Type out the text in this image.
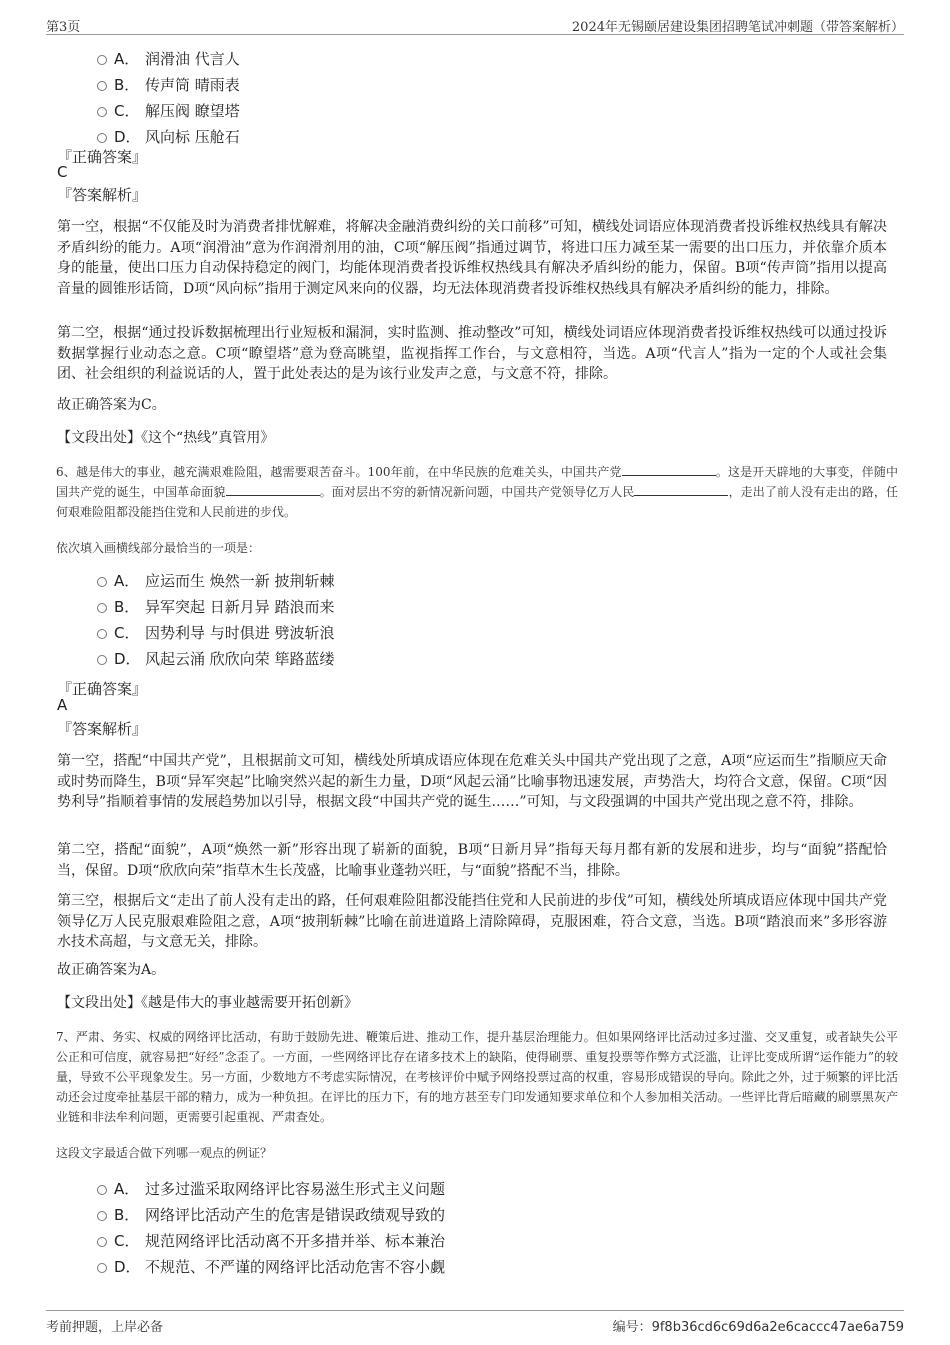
第3页	2024年无锡颐居建设集团招聘笔试冲刺题（带答案解析）
A． 润滑油 代言人
B． 传声筒 晴雨表
C． 解压阀 瞭望塔
D． 风向标 压舱石
『正确答案』
C
『答案解析』

第一空，根据“不仅能及时为消费者排忧解难，将解决金融消费纠纷的关口前移”可知，横线处词语应体现消费者投诉维权热线具有解决矛盾纠纷的能力。A项“润滑油”意为作润滑剂用的油，C项“解压阀”指通过调节，将进口压力减至某一需要的出口压力，并依靠介质本身的能量，使出口压力自动保持稳定的阀门，均能体现消费者投诉维权热线具有解决矛盾纠纷的能力，保留。B项“传声筒”指用以提高音量的圆锥形话筒，D项“风向标”指用于测定风来向的仪器，均无法体现消费者投诉维权热线具有解决矛盾纠纷的能力，排除。

第二空，根据“通过投诉数据梳理出行业短板和漏洞，实时监测、推动整改”可知，横线处词语应体现消费者投诉维权热线可以通过投诉数据掌握行业动态之意。C项“瞭望塔”意为登高眺望，监视指挥工作台，与文意相符，当选。A项“代言人”指为一定的个人或社会集团、社会组织的利益说话的人，置于此处表达的是为该行业发声之意，与文意不符，排除。

故正确答案为C。

【文段出处】《这个“热线”真管用》

6、越是伟大的事业，越充满艰难险阻，越需要艰苦奋斗。100年前，在中华民族的危难关头，中国共产党	。这是开天辟地的大事变，伴随中国共产党的诞生，中国革命面貌	。面对层出不穷的新情况新问题，中国共产党领导亿万人民	，走出了前人没有走出的路，任何艰难险阻都没能挡住党和人民前进的步伐。

依次填入画横线部分最恰当的一项是：
A． 应运而生 焕然一新 披荆斩棘
B． 异军突起 日新月异 踏浪而来
C． 因势利导 与时俱进 劈波斩浪
D． 风起云涌 欣欣向荣 筚路蓝缕
『正确答案』
A
『答案解析』

第一空，搭配“中国共产党”，且根据前文可知，横线处所填成语应体现在危难关头中国共产党出现了之意，A项“应运而生”指顺应天命或时势而降生，B项“异军突起”比喻突然兴起的新生力量，D项“风起云涌”比喻事物迅速发展，声势浩大，均符合文意，保留。C项“因势利导”指顺着事情的发展趋势加以引导，根据文段“中国共产党的诞生……”可知，与文段强调的中国共产党出现之意不符，排除。

第二空，搭配“面貌”，A项“焕然一新”形容出现了崭新的面貌，B项“日新月异”指每天每月都有新的发展和进步，均与“面貌”搭配恰当，保留。D项“欣欣向荣”指草木生长茂盛，比喻事业蓬勃兴旺，与“面貌”搭配不当，排除。

第三空，根据后文“走出了前人没有走出的路，任何艰难险阻都没能挡住党和人民前进的步伐”可知，横线处所填成语应体现中国共产党领导亿万人民克服艰难险阻之意，A项“披荆斩棘”比喻在前进道路上清除障碍，克服困难，符合文意，当选。B项“踏浪而来”多形容游水技术高超，与文意无关，排除。

故正确答案为A。

【文段出处】《越是伟大的事业越需要开拓创新》

7、严肃、务实、权威的网络评比活动，有助于鼓励先进、鞭策后进、推动工作，提升基层治理能力。但如果网络评比活动过多过滥、交叉重复，或者缺失公平公正和可信度，就容易把“好经”念歪了。一方面，一些网络评比存在诸多技术上的缺陷，使得刷票、重复投票等作弊方式泛滥，让评比变成所谓“运作能力”的较量，导致不公平现象发生。另一方面，少数地方不考虑实际情况，在考核评价中赋予网络投票过高的权重，容易形成错误的导向。除此之外，过于频繁的评比活动还会过度牵扯基层干部的精力，成为一种负担。在评比的压力下，有的地方甚至专门印发通知要求单位和个人参加相关活动。一些评比背后暗藏的刷票黑灰产业链和非法牟利问题，更需要引起重视、严肃查处。

这段文字最适合做下列哪一观点的例证？
A． 过多过滥采取网络评比容易滋生形式主义问题
B． 网络评比活动产生的危害是错误政绩观导致的
C． 规范网络评比活动离不开多措并举、标本兼治
D． 不规范、不严谨的网络评比活动危害不容小觑
考前押题，上岸必备	编号：9f8b36cd6c69d6a2e6caccc47ae6a759
